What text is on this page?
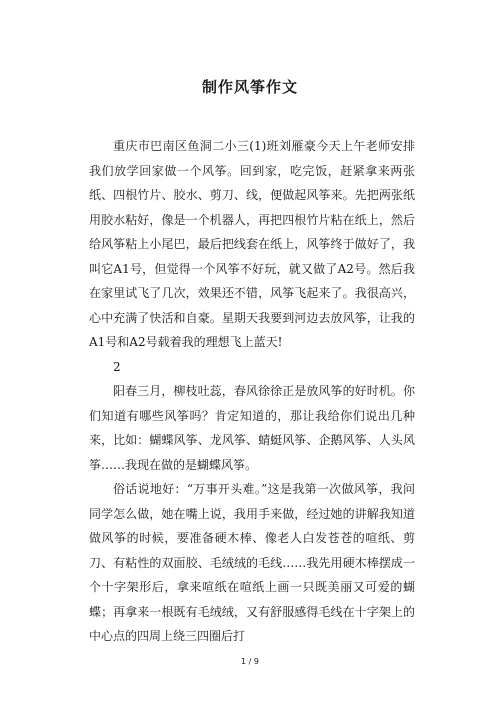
制作风筝作文

重庆市巴南区鱼洞二小三(1)班刘雁豪今天上午老师安排我们放学回家做一个风筝。回到家，吃完饭，赶紧拿来两张纸、四根竹片、胶水、剪刀、线，便做起风筝来。先把两张纸用胶水粘好，像是一个机器人，再把四根竹片粘在纸上，然后给风筝粘上小尾巴，最后把线套在纸上，风筝终于做好了，我叫它A1号，但觉得一个风筝不好玩，就又做了A2号。然后我在家里试飞了几次，效果还不错，风筝飞起来了。我很高兴，心中充满了快活和自豪。星期天我要到河边去放风筝，让我的A1号和A2号载着我的理想飞上蓝天!

2

阳春三月，柳枝吐蕊，春风徐徐正是放风筝的好时机。你们知道有哪些风筝吗？肯定知道的，那让我给你们说出几种来，比如：蝴蝶风筝、龙风筝、蜻蜓风筝、企鹅风筝、人头风筝……我现在做的是蝴蝶风筝。

俗话说地好：“万事开头难。”这是我第一次做风筝，我问同学怎么做，她在嘴上说，我用手来做，经过她的讲解我知道做风筝的时候，要准备硬木棒、像老人白发苍苍的喧纸、剪刀、有粘性的双面胶、毛绒绒的毛线……我先用硬木棒摆成一个十字架形后，拿来喧纸在喧纸上画一只既美丽又可爱的蝴蝶；再拿来一根既有毛绒绒，又有舒服感得毛线在十字架上的中心点的四周上绕三四圈后打

1 / 9
